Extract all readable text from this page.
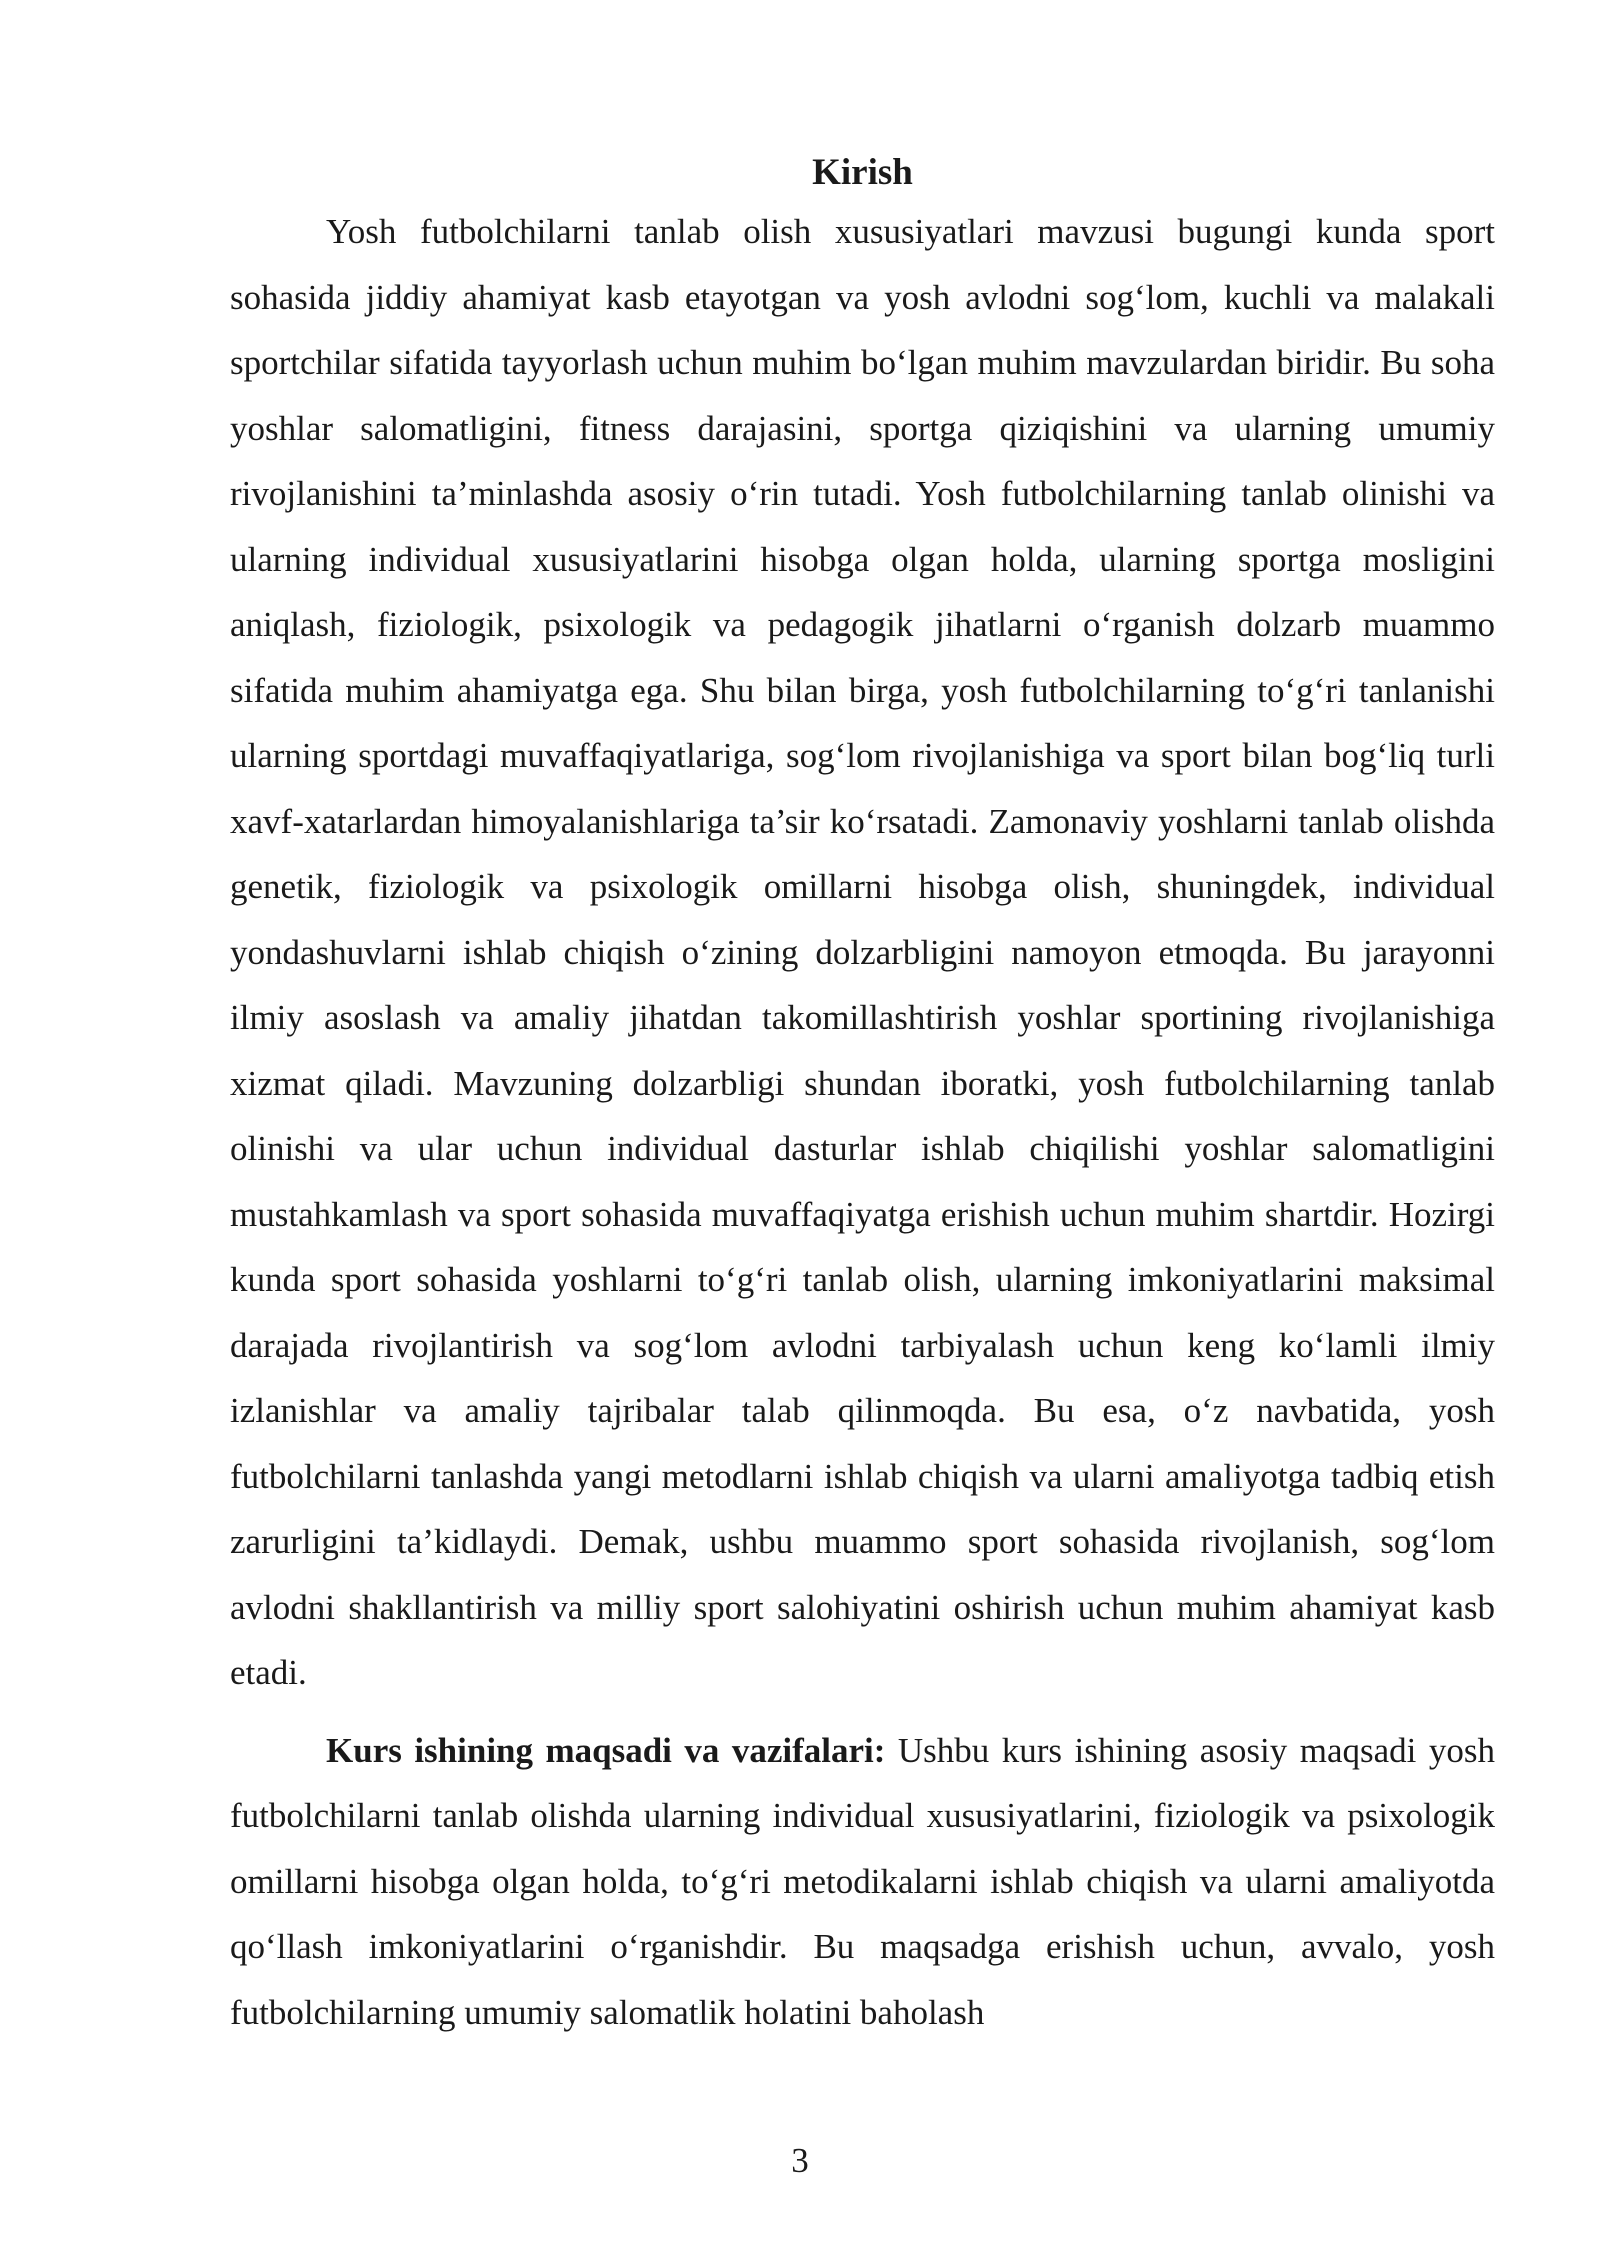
Kirish

Yosh futbolchilarni tanlab olish xususiyatlari mavzusi bugungi kunda sport sohasida jiddiy ahamiyat kasb etayotgan va yosh avlodni sog‘lom, kuchli va malakali sportchilar sifatida tayyorlash uchun muhim bo‘lgan muhim mavzulardan biridir. Bu soha yoshlar salomatligini, fitness darajasini, sportga qiziqishini va ularning umumiy rivojlanishini ta’minlashda asosiy o‘rin tutadi. Yosh futbolchilarning tanlab olinishi va ularning individual xususiyatlarini hisobga olgan holda, ularning sportga mosligini aniqlash, fiziologik, psixologik va pedagogik jihatlarni o‘rganish dolzarb muammo sifatida muhim ahamiyatga ega. Shu bilan birga, yosh futbolchilarning to‘g‘ri tanlanishi ularning sportdagi muvaffaqiyatlariga, sog‘lom rivojlanishiga va sport bilan bog‘liq turli xavf-xatarlardan himoyalanishlariga ta’sir ko‘rsatadi. Zamonaviy yoshlarni tanlab olishda genetik, fiziologik va psixologik omillarni hisobga olish, shuningdek, individual yondashuvlarni ishlab chiqish o‘zining dolzarbligini namoyon etmoqda. Bu jarayonni ilmiy asoslash va amaliy jihatdan takomillashtirish yoshlar sportining rivojlanishiga xizmat qiladi. Mavzuning dolzarbligi shundan iboratki, yosh futbolchilarning tanlab olinishi va ular uchun individual dasturlar ishlab chiqilishi yoshlar salomatligini mustahkamlash va sport sohasida muvaffaqiyatga erishish uchun muhim shartdir. Hozirgi kunda sport sohasida yoshlarni to‘g‘ri tanlab olish, ularning imkoniyatlarini maksimal darajada rivojlantirish va sog‘lom avlodni tarbiyalash uchun keng ko‘lamli ilmiy izlanishlar va amaliy tajribalar talab qilinmoqda. Bu esa, o‘z navbatida, yosh futbolchilarni tanlashda yangi metodlarni ishlab chiqish va ularni amaliyotga tadbiq etish zarurligini ta’kidlaydi. Demak, ushbu muammo sport sohasida rivojlanish, sog‘lom avlodni shakllantirish va milliy sport salohiyatini oshirish uchun muhim ahamiyat kasb etadi.

Kurs ishining maqsadi va vazifalari: Ushbu kurs ishining asosiy maqsadi yosh futbolchilarni tanlab olishda ularning individual xususiyatlarini, fiziologik va psixologik omillarni hisobga olgan holda, to‘g‘ri metodikalarni ishlab chiqish va ularni amaliyotda qo‘llash imkoniyatlarini o‘rganishdir. Bu maqsadga erishish uchun, avvalo, yosh futbolchilarning umumiy salomatlik holatini baholash

3
